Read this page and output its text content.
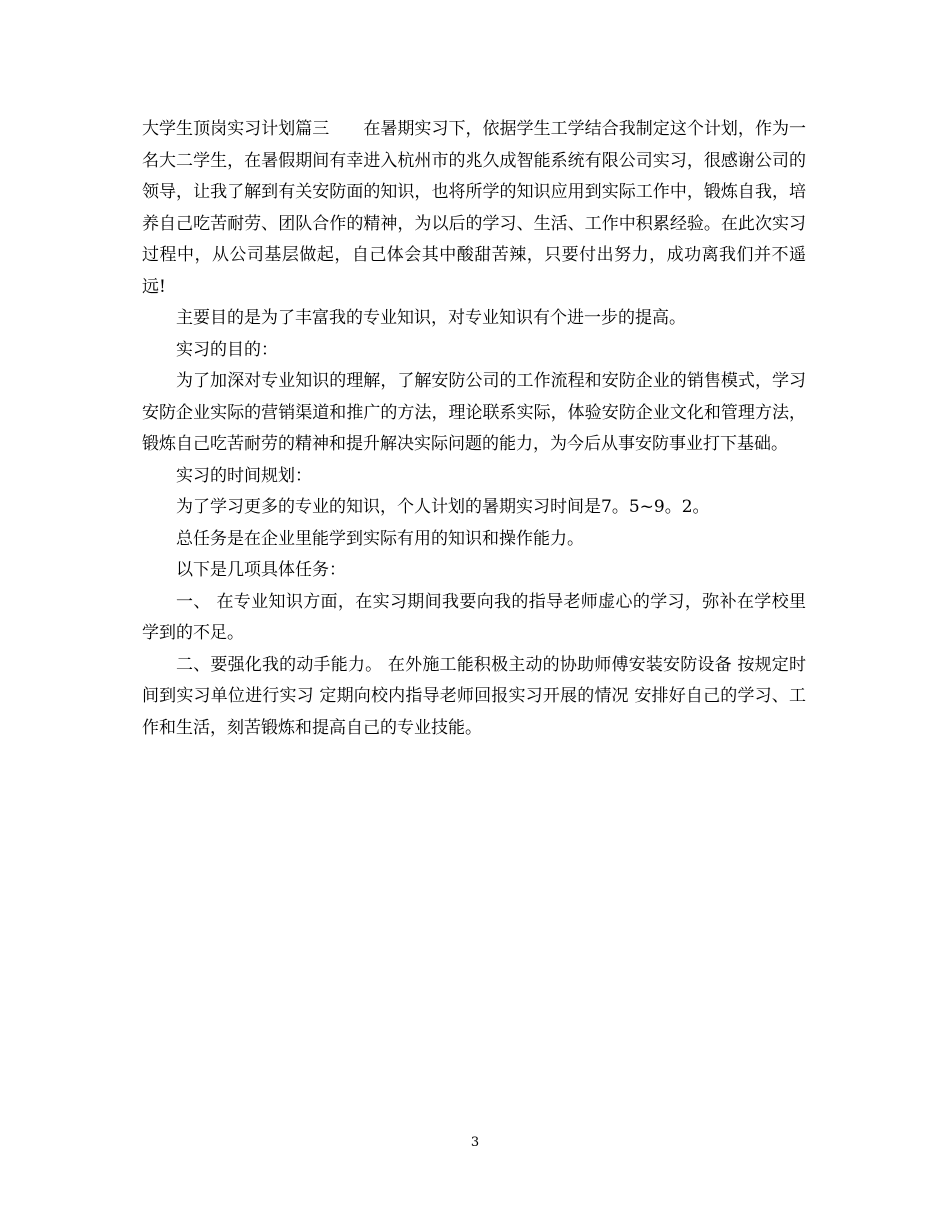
大学生顶岗实习计划篇三　　在暑期实习下，依据学生工学结合我制定这个计划，作为一名大二学生，在暑假期间有幸进入杭州市的兆久成智能系统有限公司实习，很感谢公司的领导，让我了解到有关安防面的知识，也将所学的知识应用到实际工作中，锻炼自我，培养自己吃苦耐劳、团队合作的精神，为以后的学习、生活、工作中积累经验。在此次实习过程中，从公司基层做起，自己体会其中酸甜苦辣，只要付出努力，成功离我们并不遥远!

主要目的是为了丰富我的专业知识，对专业知识有个进一步的提高。

实习的目的：

为了加深对专业知识的理解，了解安防公司的工作流程和安防企业的销售模式，学习安防企业实际的营销渠道和推广的方法，理论联系实际，体验安防企业文化和管理方法，锻炼自己吃苦耐劳的精神和提升解决实际问题的能力，为今后从事安防事业打下基础。

实习的时间规划：

为了学习更多的专业的知识，个人计划的暑期实习时间是7。5~9。2。

总任务是在企业里能学到实际有用的知识和操作能力。

以下是几项具体任务：

一、 在专业知识方面，在实习期间我要向我的指导老师虚心的学习，弥补在学校里学到的不足。

二、要强化我的动手能力。 在外施工能积极主动的协助师傅安装安防设备 按规定时间到实习单位进行实习 定期向校内指导老师回报实习开展的情况 安排好自己的学习、工作和生活，刻苦锻炼和提高自己的专业技能。

3
